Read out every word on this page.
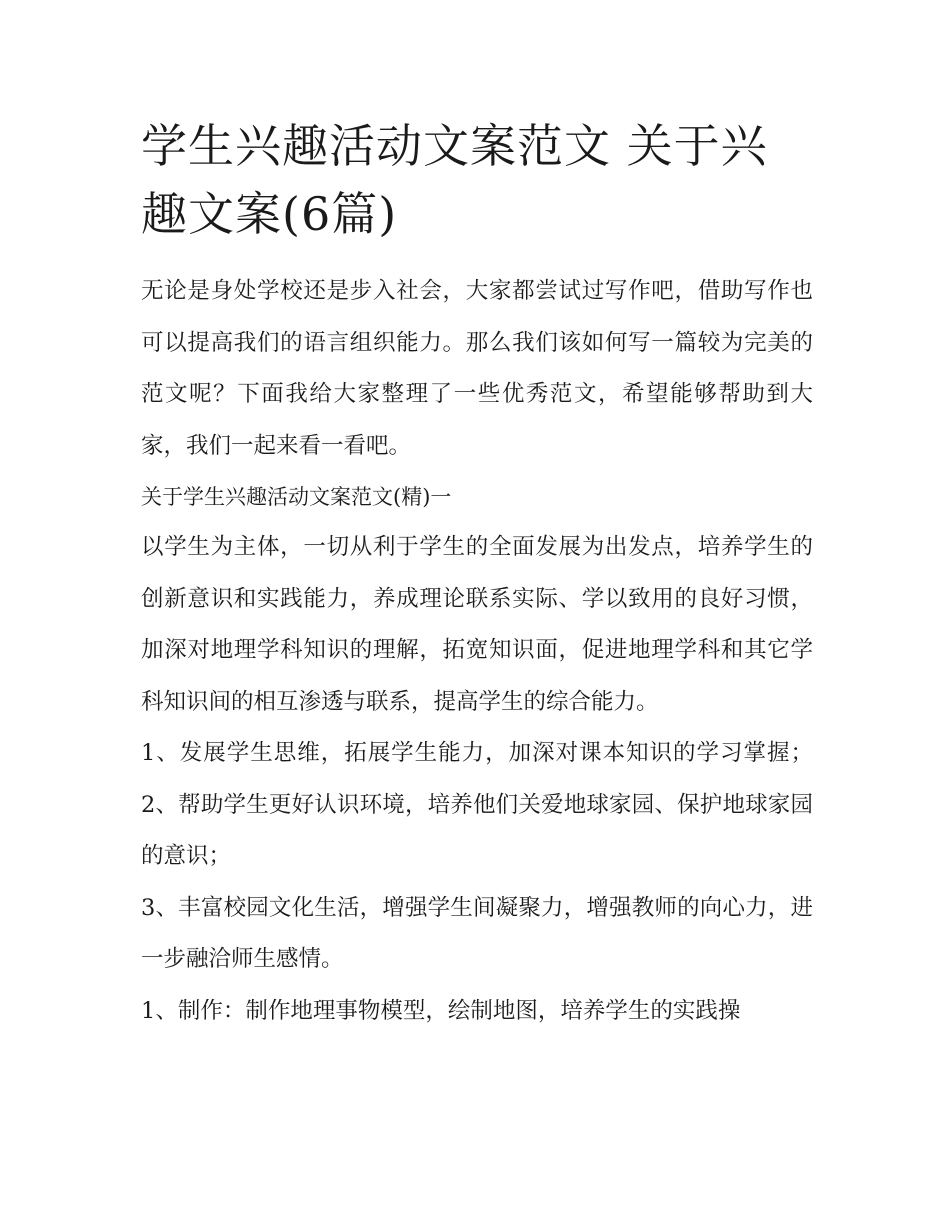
学生兴趣活动文案范文 关于兴趣文案(6篇)

无论是身处学校还是步入社会，大家都尝试过写作吧，借助写作也可以提高我们的语言组织能力。那么我们该如何写一篇较为完美的范文呢？下面我给大家整理了一些优秀范文，希望能够帮助到大家，我们一起来看一看吧。

关于学生兴趣活动文案范文(精)一

以学生为主体，一切从利于学生的全面发展为出发点，培养学生的创新意识和实践能力，养成理论联系实际、学以致用的良好习惯，加深对地理学科知识的理解，拓宽知识面，促进地理学科和其它学科知识间的相互渗透与联系，提高学生的综合能力。

1、发展学生思维，拓展学生能力，加深对课本知识的学习掌握； 2、帮助学生更好认识环境，培养他们关爱地球家园、保护地球家园的意识；

3、丰富校园文化生活，增强学生间凝聚力，增强教师的向心力，进一步融洽师生感情。

1、制作：制作地理事物模型，绘制地图，培养学生的实践操
